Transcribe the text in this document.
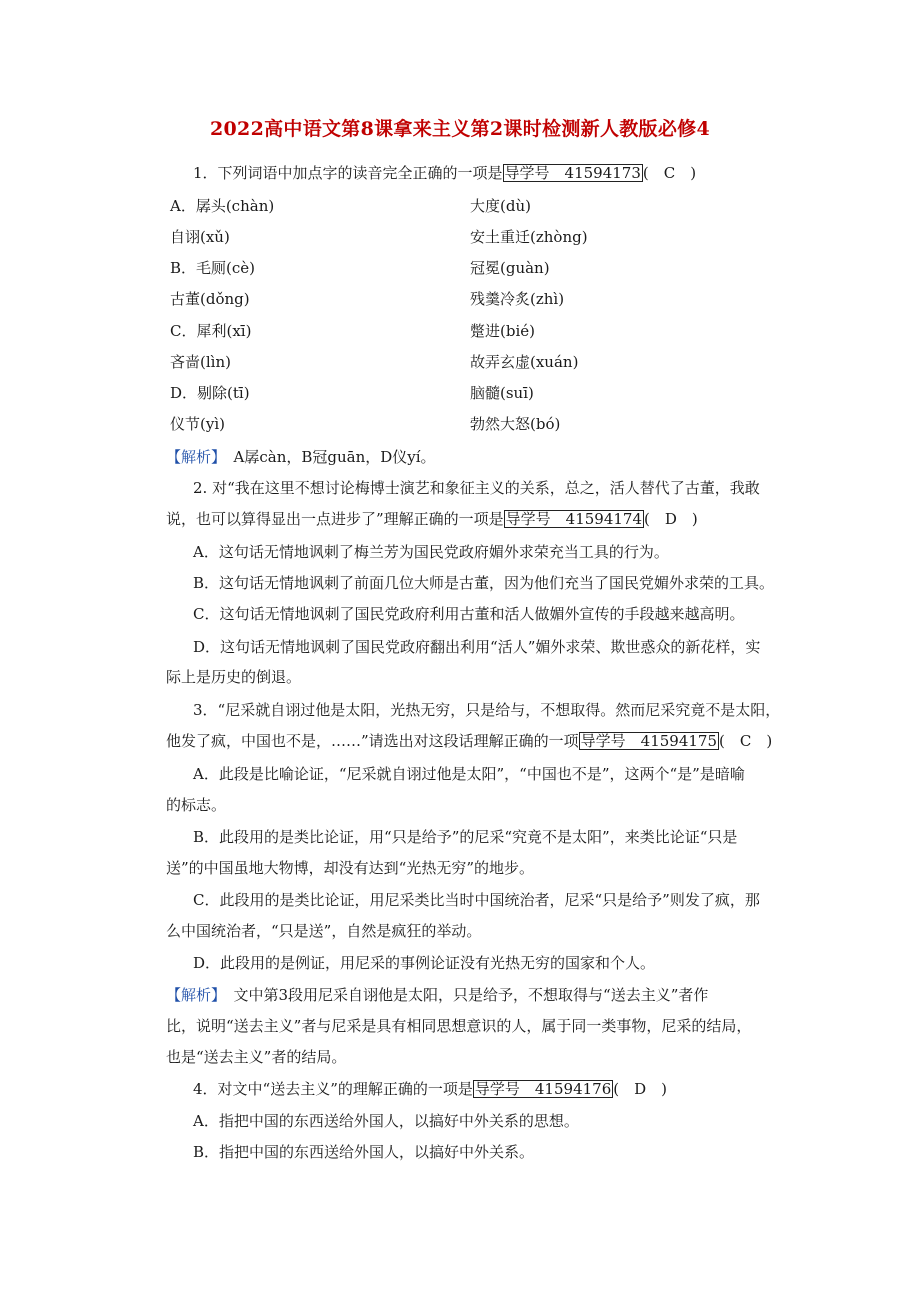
2022高中语文第8课拿来主义第2课时检测新人教版必修4
1．下列词语中加点字的读音完全正确的一项是 导学号　41594173 (　C　)
A．孱头(chàn)	大度(dù)
自诩(xǔ)	安土重迁(zhòng)
B．毛厕(cè)	冠冕(guàn)
古董(dǒng)	残羹冷炙(zhì)
C．犀利(xī)	蹩进(bié)
吝啬(lìn)	故弄玄虚(xuán)
D．剔除(tī)	脑髓(suī)
仪节(yì)	勃然大怒(bó)
【解析】　A孱càn，B冠guān，D仪yí。
2. 对“我在这里不想讨论梅博士演艺和象征主义的关系，总之，活人替代了古董，我敢
说，也可以算得显出一点进步了”理解正确的一项是 导学号　41594174 (　D　)
A．这句话无情地讽刺了梅兰芳为国民党政府媚外求荣充当工具的行为。
B．这句话无情地讽刺了前面几位大师是古董，因为他们充当了国民党媚外求荣的工具。
C．这句话无情地讽刺了国民党政府利用古董和活人做媚外宣传的手段越来越高明。
D．这句话无情地讽刺了国民党政府翻出利用“活人”媚外求荣、欺世惑众的新花样，实
际上是历史的倒退。
3．“尼采就自诩过他是太阳，光热无穷，只是给与，不想取得。然而尼采究竟不是太阳，
他发了疯，中国也不是，……”请选出对这段话理解正确的一项 导学号　41594175 (　C　)
A．此段是比喻论证，“尼采就自诩过他是太阳”，“中国也不是”，这两个“是”是暗喻
的标志。
B．此段用的是类比论证，用“只是给予”的尼采“究竟不是太阳”，来类比论证“只是
送”的中国虽地大物博，却没有达到“光热无穷”的地步。
C．此段用的是类比论证，用尼采类比当时中国统治者，尼采“只是给予”则发了疯，那
么中国统治者，“只是送”，自然是疯狂的举动。
D．此段用的是例证，用尼采的事例论证没有光热无穷的国家和个人。
【解析】　文中第3段用尼采自诩他是太阳，只是给予，不想取得与“送去主义”者作
比，说明“送去主义”者与尼采是具有相同思想意识的人，属于同一类事物，尼采的结局，
也是“送去主义”者的结局。
4．对文中“送去主义”的理解正确的一项是 导学号　41594176 (　D　)
A．指把中国的东西送给外国人，以搞好中外关系的思想。
B．指把中国的东西送给外国人，以搞好中外关系。
